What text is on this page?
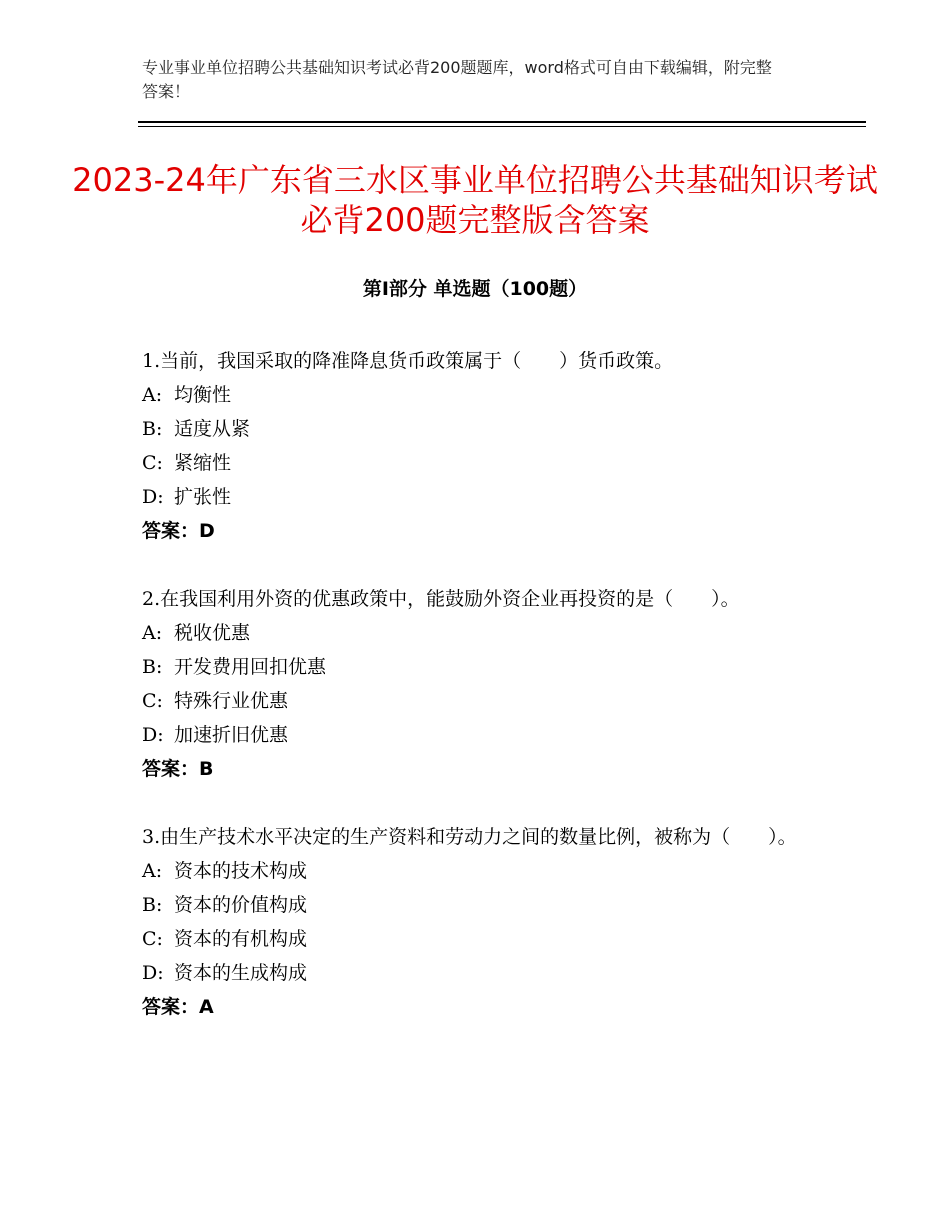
专业事业单位招聘公共基础知识考试必背200题题库，word格式可自由下载编辑，附完整答案！
2023-24年广东省三水区事业单位招聘公共基础知识考试必背200题完整版含答案
第Ⅰ部分 单选题（100题）
1.当前，我国采取的降准降息货币政策属于（　　）货币政策。
A: 均衡性
B: 适度从紧
C: 紧缩性
D: 扩张性
答案：D
2.在我国利用外资的优惠政策中，能鼓励外资企业再投资的是（　　）。
A: 税收优惠
B: 开发费用回扣优惠
C: 特殊行业优惠
D: 加速折旧优惠
答案：B
3.由生产技术水平决定的生产资料和劳动力之间的数量比例，被称为（　　）。
A: 资本的技术构成
B: 资本的价值构成
C: 资本的有机构成
D: 资本的生成构成
答案：A
